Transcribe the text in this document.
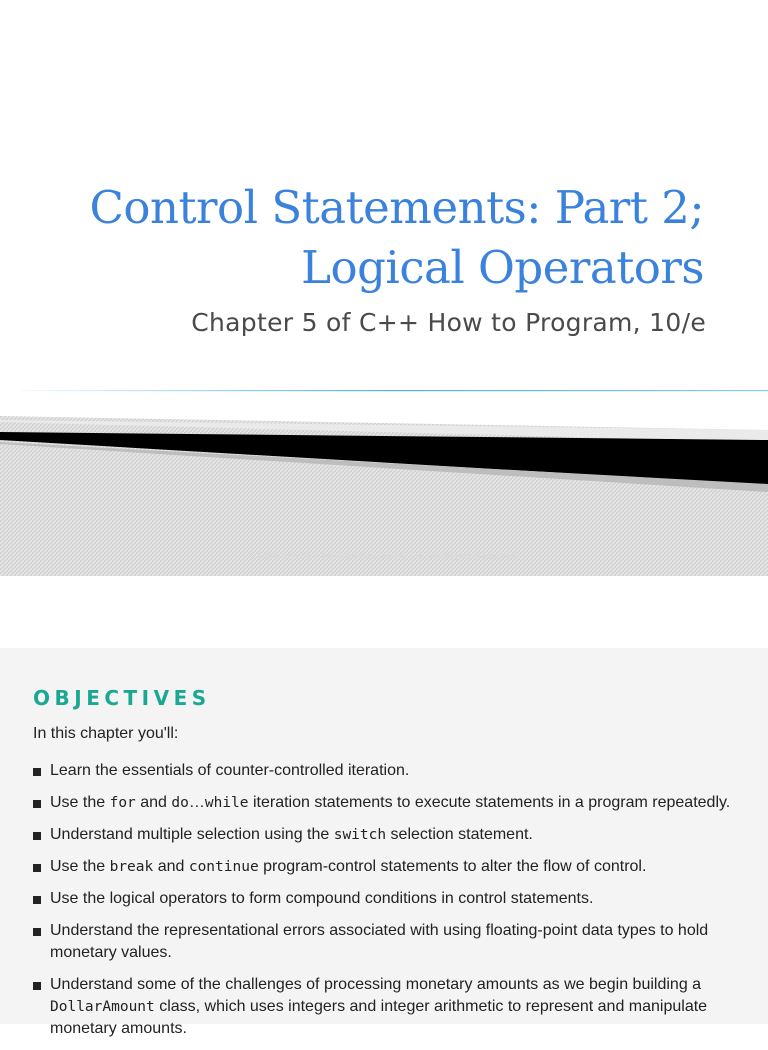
Control Statements: Part 2;
Logical Operators

Chapter 5 of C++ How to Program, 10/e

©1992-2017 by Pearson Education, Inc. All Rights Reserved.
OBJECTIVES

In this chapter you'll:

Learn the essentials of counter-controlled iteration.
Use the for and do…while iteration statements to execute statements in a program repeatedly.
Understand multiple selection using the switch selection statement.
Use the break and continue program-control statements to alter the flow of control.
Use the logical operators to form compound conditions in control statements.
Understand the representational errors associated with using floating-point data types to hold monetary values.
Understand some of the challenges of processing monetary amounts as we begin building a DollarAmount class, which uses integers and integer arithmetic to represent and manipulate monetary amounts.
